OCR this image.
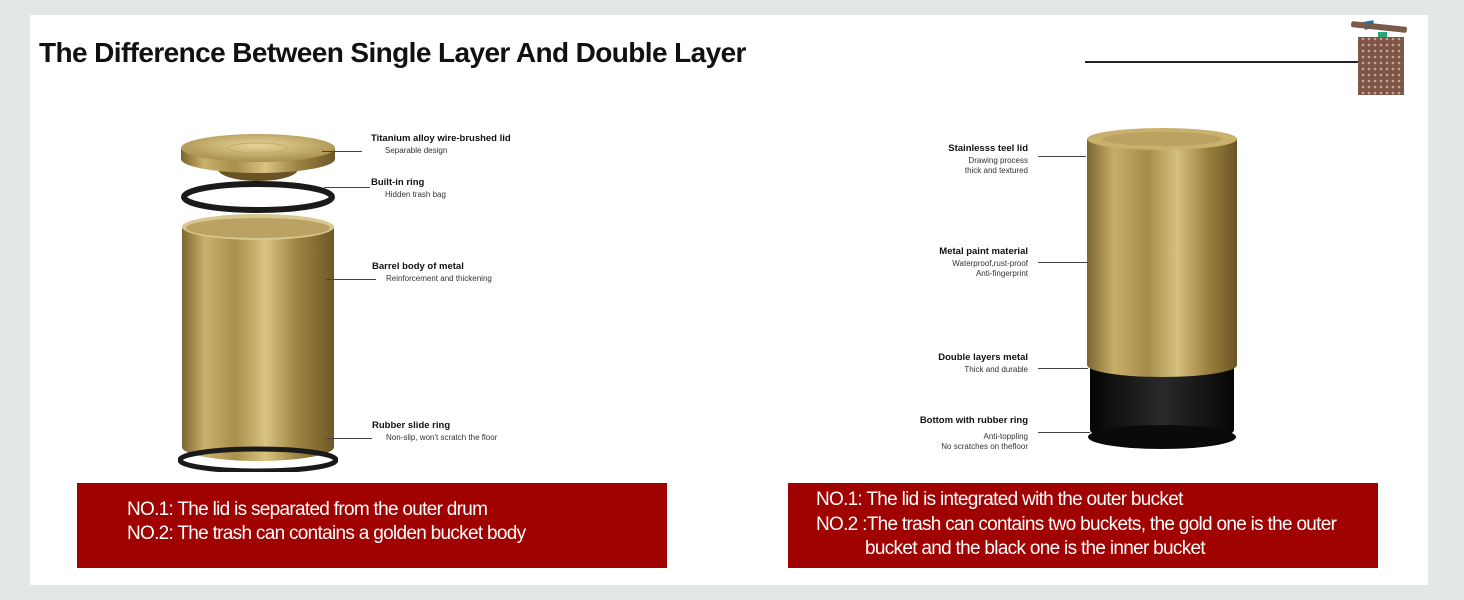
The Difference Between Single Layer And Double Layer
Titanium alloy wire-brushed lid
Separable design
Built-in ring
Hidden trash bag
Barrel body of metal
Reinforcement and thickening
Rubber slide ring
Non-slip, won't scratch the floor
Stainlesss teel lid
Drawing process
thick and textured
Metal paint material
Waterproof,rust-proof
Anti-fingerprint
Double layers metal
Thick and durable
Bottom with rubber ring
Anti-toppling
No scratches on thefloor

NO.1: The lid is separated from the outer drum

NO.2: The trash can contains a golden bucket body

NO.1: The lid is integrated with the outer bucket

NO.2 :The trash can contains two buckets, the gold one is the outer

bucket and the black one is the inner bucket
